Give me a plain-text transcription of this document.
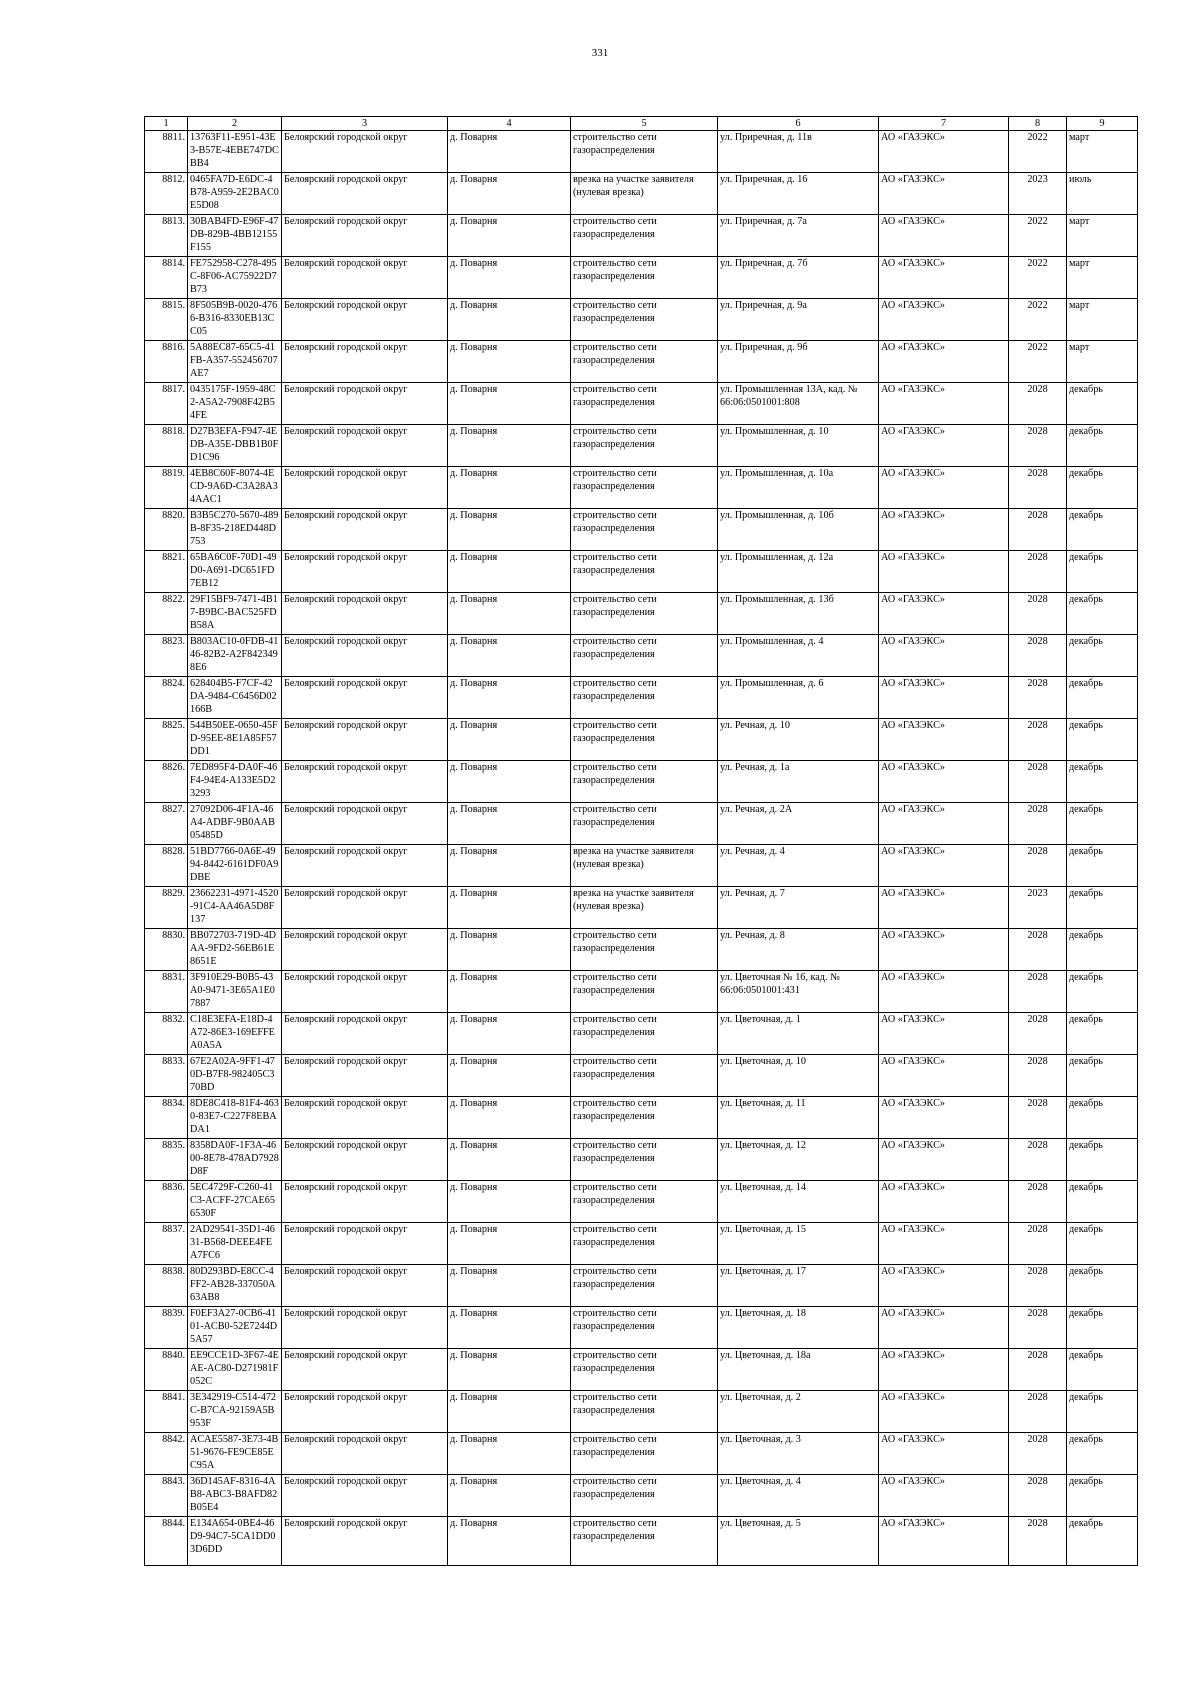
331
1	2	3	4	5	6	7	8	9
8811.	13763F11-E951-43E3-B57E-4EBE747DCBB4	Белоярский городской округ	д. Поварня	строительство сети газораспределения	ул. Приречная, д. 11в	АО «ГАЗЭКС»	2022	март
8812.	0465FA7D-E6DC-4B78-A959-2E2BAC0E5D08	Белоярский городской округ	д. Поварня	врезка на участке заявителя (нулевая врезка)	ул. Приречная, д. 16	АО «ГАЗЭКС»	2023	июль
8813.	30BAB4FD-E96F-47DB-829B-4BB12155F155	Белоярский городской округ	д. Поварня	строительство сети газораспределения	ул. Приречная, д. 7а	АО «ГАЗЭКС»	2022	март
8814.	FE752958-C278-495C-8F06-AC75922D7B73	Белоярский городской округ	д. Поварня	строительство сети газораспределения	ул. Приречная, д. 7б	АО «ГАЗЭКС»	2022	март
8815.	8F505B9B-0020-4766-B316-8330EB13CC05	Белоярский городской округ	д. Поварня	строительство сети газораспределения	ул. Приречная, д. 9а	АО «ГАЗЭКС»	2022	март
8816.	5A88EC87-65C5-41FB-A357-552456707AE7	Белоярский городской округ	д. Поварня	строительство сети газораспределения	ул. Приречная, д. 9б	АО «ГАЗЭКС»	2022	март
8817.	0435175F-1959-48C2-A5A2-7908F42B54FE	Белоярский городской округ	д. Поварня	строительство сети газораспределения	ул. Промышленная 13А, кад. № 66:06:0501001:808	АО «ГАЗЭКС»	2028	декабрь
8818.	D27B3EFA-F947-4EDB-A35E-DBB1B0FD1C96	Белоярский городской округ	д. Поварня	строительство сети газораспределения	ул. Промышленная, д. 10	АО «ГАЗЭКС»	2028	декабрь
8819.	4EB8C60F-8074-4ECD-9A6D-C3A28A34AAC1	Белоярский городской округ	д. Поварня	строительство сети газораспределения	ул. Промышленная, д. 10а	АО «ГАЗЭКС»	2028	декабрь
8820.	B3B5C270-5670-489B-8F35-218ED448D753	Белоярский городской округ	д. Поварня	строительство сети газораспределения	ул. Промышленная, д. 10б	АО «ГАЗЭКС»	2028	декабрь
8821.	65BA6C0F-70D1-49D0-A691-DC651FD7EB12	Белоярский городской округ	д. Поварня	строительство сети газораспределения	ул. Промышленная, д. 12а	АО «ГАЗЭКС»	2028	декабрь
8822.	29F15BF9-7471-4B17-B9BC-BAC525FDB58A	Белоярский городской округ	д. Поварня	строительство сети газораспределения	ул. Промышленная, д. 13б	АО «ГАЗЭКС»	2028	декабрь
8823.	B803AC10-0FDB-4146-82B2-A2F8423498E6	Белоярский городской округ	д. Поварня	строительство сети газораспределения	ул. Промышленная, д. 4	АО «ГАЗЭКС»	2028	декабрь
8824.	628404B5-F7CF-42DA-9484-C6456D02166B	Белоярский городской округ	д. Поварня	строительство сети газораспределения	ул. Промышленная, д. 6	АО «ГАЗЭКС»	2028	декабрь
8825.	544B50EE-0650-45FD-95EE-8E1A85F57DD1	Белоярский городской округ	д. Поварня	строительство сети газораспределения	ул. Речная, д. 10	АО «ГАЗЭКС»	2028	декабрь
8826.	7ED895F4-DA0F-46F4-94E4-A133E5D23293	Белоярский городской округ	д. Поварня	строительство сети газораспределения	ул. Речная, д. 1а	АО «ГАЗЭКС»	2028	декабрь
8827.	27092D06-4F1A-46A4-ADBF-9B0AAB05485D	Белоярский городской округ	д. Поварня	строительство сети газораспределения	ул. Речная, д. 2А	АО «ГАЗЭКС»	2028	декабрь
8828.	51BD7766-0A6E-4994-8442-6161DF0A9DBE	Белоярский городской округ	д. Поварня	врезка на участке заявителя (нулевая врезка)	ул. Речная, д. 4	АО «ГАЗЭКС»	2028	декабрь
8829.	23662231-4971-4520-91C4-AA46A5D8F137	Белоярский городской округ	д. Поварня	врезка на участке заявителя (нулевая врезка)	ул. Речная, д. 7	АО «ГАЗЭКС»	2023	декабрь
8830.	BB072703-719D-4DAA-9FD2-56EB61E8651E	Белоярский городской округ	д. Поварня	строительство сети газораспределения	ул. Речная, д. 8	АО «ГАЗЭКС»	2028	декабрь
8831.	3F910E29-B0B5-43A0-9471-3E65A1E07887	Белоярский городской округ	д. Поварня	строительство сети газораспределения	ул. Цветочная № 16, кад. № 66:06:0501001:431	АО «ГАЗЭКС»	2028	декабрь
8832.	C18E3EFA-E18D-4A72-86E3-169EFFEA0A5A	Белоярский городской округ	д. Поварня	строительство сети газораспределения	ул. Цветочная, д. 1	АО «ГАЗЭКС»	2028	декабрь
8833.	67E2A02A-9FF1-470D-B7F8-982405C370BD	Белоярский городской округ	д. Поварня	строительство сети газораспределения	ул. Цветочная, д. 10	АО «ГАЗЭКС»	2028	декабрь
8834.	8DE8C418-81F4-4630-83E7-C227F8EBADA1	Белоярский городской округ	д. Поварня	строительство сети газораспределения	ул. Цветочная, д. 11	АО «ГАЗЭКС»	2028	декабрь
8835.	8358DA0F-1F3A-4600-8E78-478AD7928D8F	Белоярский городской округ	д. Поварня	строительство сети газораспределения	ул. Цветочная, д. 12	АО «ГАЗЭКС»	2028	декабрь
8836.	5EC4729F-C260-41C3-ACFF-27CAE656530F	Белоярский городской округ	д. Поварня	строительство сети газораспределения	ул. Цветочная, д. 14	АО «ГАЗЭКС»	2028	декабрь
8837.	2AD29541-35D1-4631-B568-DEEE4FEA7FC6	Белоярский городской округ	д. Поварня	строительство сети газораспределения	ул. Цветочная, д. 15	АО «ГАЗЭКС»	2028	декабрь
8838.	80D293BD-E8CC-4FF2-AB28-337050A63AB8	Белоярский городской округ	д. Поварня	строительство сети газораспределения	ул. Цветочная, д. 17	АО «ГАЗЭКС»	2028	декабрь
8839.	F0EF3A27-0CB6-4101-ACB0-52E7244D5A57	Белоярский городской округ	д. Поварня	строительство сети газораспределения	ул. Цветочная, д. 18	АО «ГАЗЭКС»	2028	декабрь
8840.	EE9CCE1D-3F67-4EAE-AC80-D271981F052C	Белоярский городской округ	д. Поварня	строительство сети газораспределения	ул. Цветочная, д. 18а	АО «ГАЗЭКС»	2028	декабрь
8841.	3E342919-C514-472C-B7CA-92159A5B953F	Белоярский городской округ	д. Поварня	строительство сети газораспределения	ул. Цветочная, д. 2	АО «ГАЗЭКС»	2028	декабрь
8842.	ACAE5587-3E73-4B51-9676-FE9CE85EC95A	Белоярский городской округ	д. Поварня	строительство сети газораспределения	ул. Цветочная, д. 3	АО «ГАЗЭКС»	2028	декабрь
8843.	36D145AF-8316-4AB8-ABC3-B8AFD82B05E4	Белоярский городской округ	д. Поварня	строительство сети газораспределения	ул. Цветочная, д. 4	АО «ГАЗЭКС»	2028	декабрь
8844.	E134A654-0BE4-46D9-94C7-5CA1DD03D6DD	Белоярский городской округ	д. Поварня	строительство сети газораспределения	ул. Цветочная, д. 5	АО «ГАЗЭКС»	2028	декабрь
